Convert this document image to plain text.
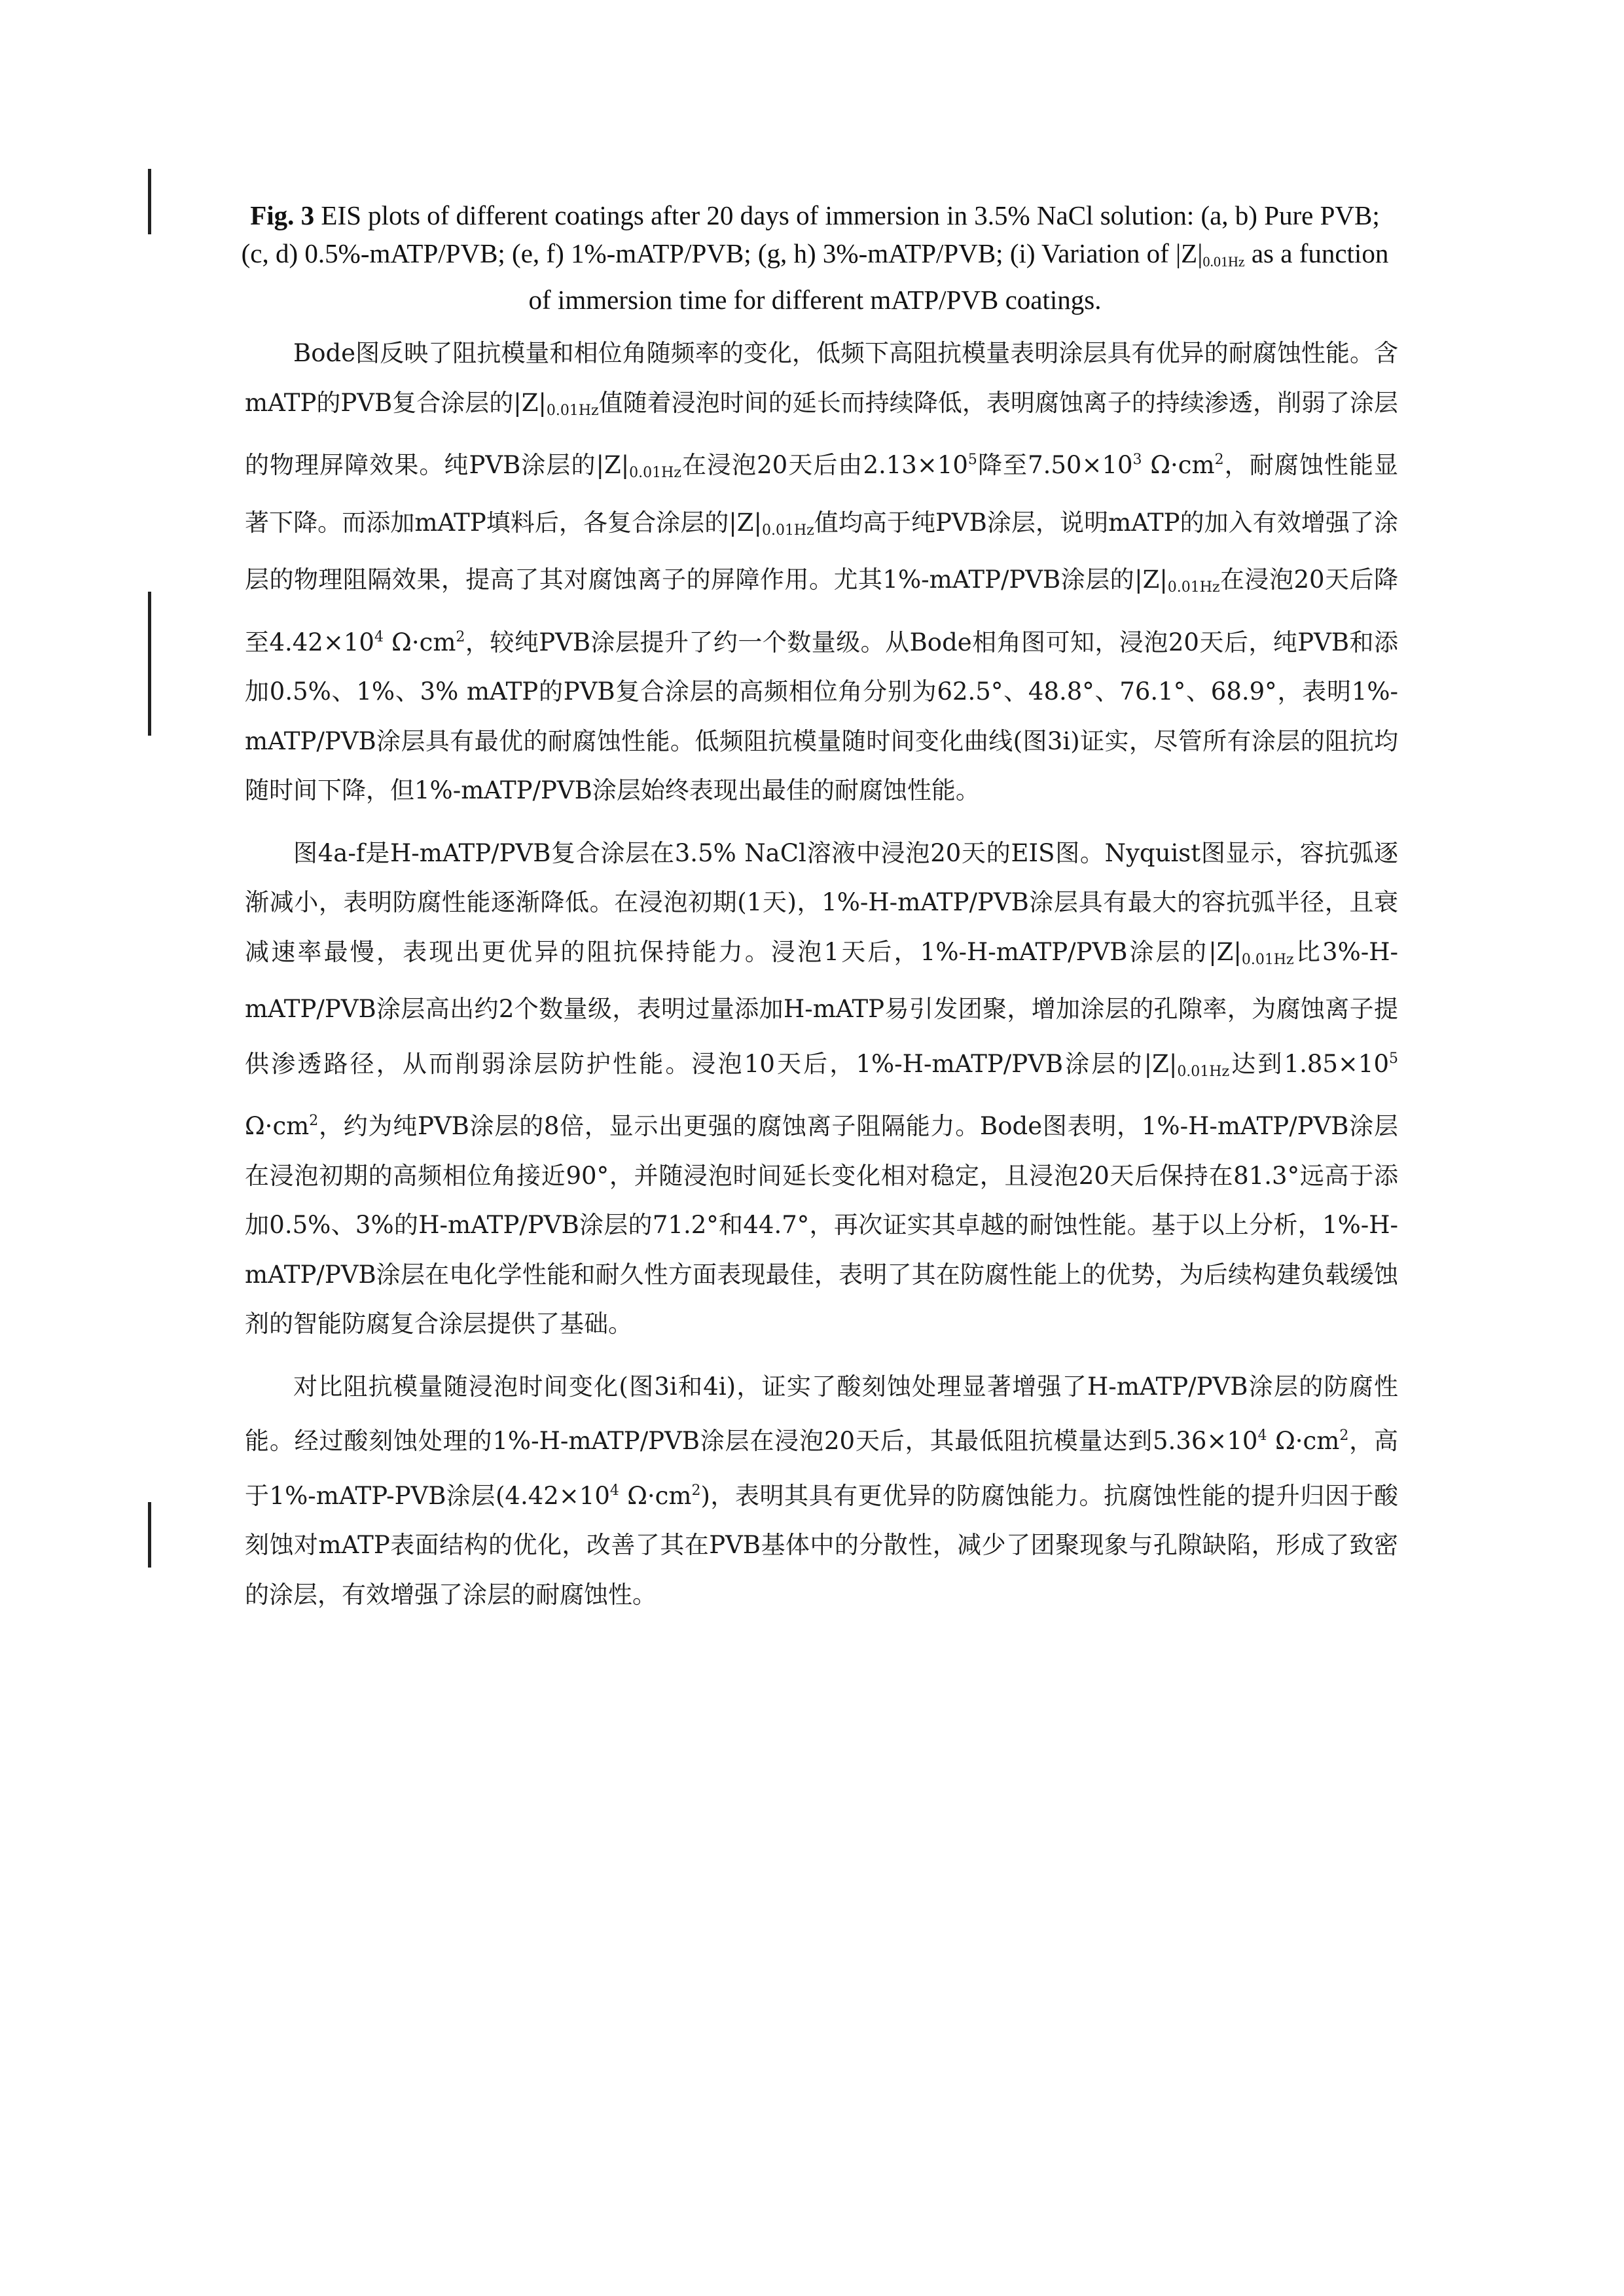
Fig. 3 EIS plots of different coatings after 20 days of immersion in 3.5% NaCl solution: (a, b) Pure PVB; (c, d) 0.5%-mATP/PVB; (e, f) 1%-mATP/PVB; (g, h) 3%-mATP/PVB; (i) Variation of $|Z|_{0.01Hz}$ as a function of immersion time for different mATP/PVB coatings.

Bode图反映了阻抗模量和相位角随频率的变化，低频下高阻抗模量表明涂层具有优异的耐腐蚀性能。含mATP的PVB复合涂层的$|Z|_{0.01Hz}$值随着浸泡时间的延长而持续降低，表明腐蚀离子的持续渗透，削弱了涂层的物理屏障效果。纯PVB涂层的$|Z|_{0.01Hz}$在浸泡20天后由$2.13\times 10^5$降至$7.50\times 10^3$ $\Omega\cdot cm^2$，耐腐蚀性能显著下降。而添加mATP填料后，各复合涂层的$|Z|_{0.01Hz}$值均高于纯PVB涂层，说明mATP的加入有效增强了涂层的物理阻隔效果，提高了其对腐蚀离子的屏障作用。尤其1%-mATP/PVB涂层的$|Z|_{0.01Hz}$在浸泡20天后降至$4.42\times 10^4$ $\Omega\cdot cm^2$，较纯PVB涂层提升了约一个数量级。从Bode相角图可知，浸泡20天后，纯PVB和添加0.5%、1%、3% mATP的PVB复合涂层的高频相位角分别为62.5°、48.8°、76.1°、68.9°，表明1%-mATP/PVB涂层具有最优的耐腐蚀性能。低频阻抗模量随时间变化曲线(图3i)证实，尽管所有涂层的阻抗均随时间下降，但1%-mATP/PVB涂层始终表现出最佳的耐腐蚀性能。

图4a-f是H-mATP/PVB复合涂层在3.5% NaCl溶液中浸泡20天的EIS图。Nyquist图显示，容抗弧逐渐减小，表明防腐性能逐渐降低。在浸泡初期(1天)，1%-H-mATP/PVB涂层具有最大的容抗弧半径，且衰减速率最慢，表现出更优异的阻抗保持能力。浸泡1天后，1%-H-mATP/PVB涂层的$|Z|_{0.01Hz}$比3%-H-mATP/PVB涂层高出约2个数量级，表明过量添加H-mATP易引发团聚，增加涂层的孔隙率，为腐蚀离子提供渗透路径，从而削弱涂层防护性能。浸泡10天后，1%-H-mATP/PVB涂层的$|Z|_{0.01Hz}$达到$1.85\times 10^5$ $\Omega\cdot cm^2$，约为纯PVB涂层的8倍，显示出更强的腐蚀离子阻隔能力。Bode图表明，1%-H-mATP/PVB涂层在浸泡初期的高频相位角接近90°，并随浸泡时间延长变化相对稳定，且浸泡20天后保持在81.3°远高于添加0.5%、3%的H-mATP/PVB涂层的71.2°和44.7°，再次证实其卓越的耐蚀性能。基于以上分析，1%-H-mATP/PVB涂层在电化学性能和耐久性方面表现最佳，表明了其在防腐性能上的优势，为后续构建负载缓蚀剂的智能防腐复合涂层提供了基础。

对比阻抗模量随浸泡时间变化(图3i和4i)，证实了酸刻蚀处理显著增强了H-mATP/PVB涂层的防腐性能。经过酸刻蚀处理的1%-H-mATP/PVB涂层在浸泡20天后，其最低阻抗模量达到$5.36\times 10^4$ $\Omega\cdot cm^2$，高于1%-mATP-PVB涂层($4.42\times 10^4$ $\Omega\cdot cm^2$)，表明其具有更优异的防腐蚀能力。抗腐蚀性能的提升归因于酸刻蚀对mATP表面结构的优化，改善了其在PVB基体中的分散性，减少了团聚现象与孔隙缺陷，形成了致密的涂层，有效增强了涂层的耐腐蚀性。
